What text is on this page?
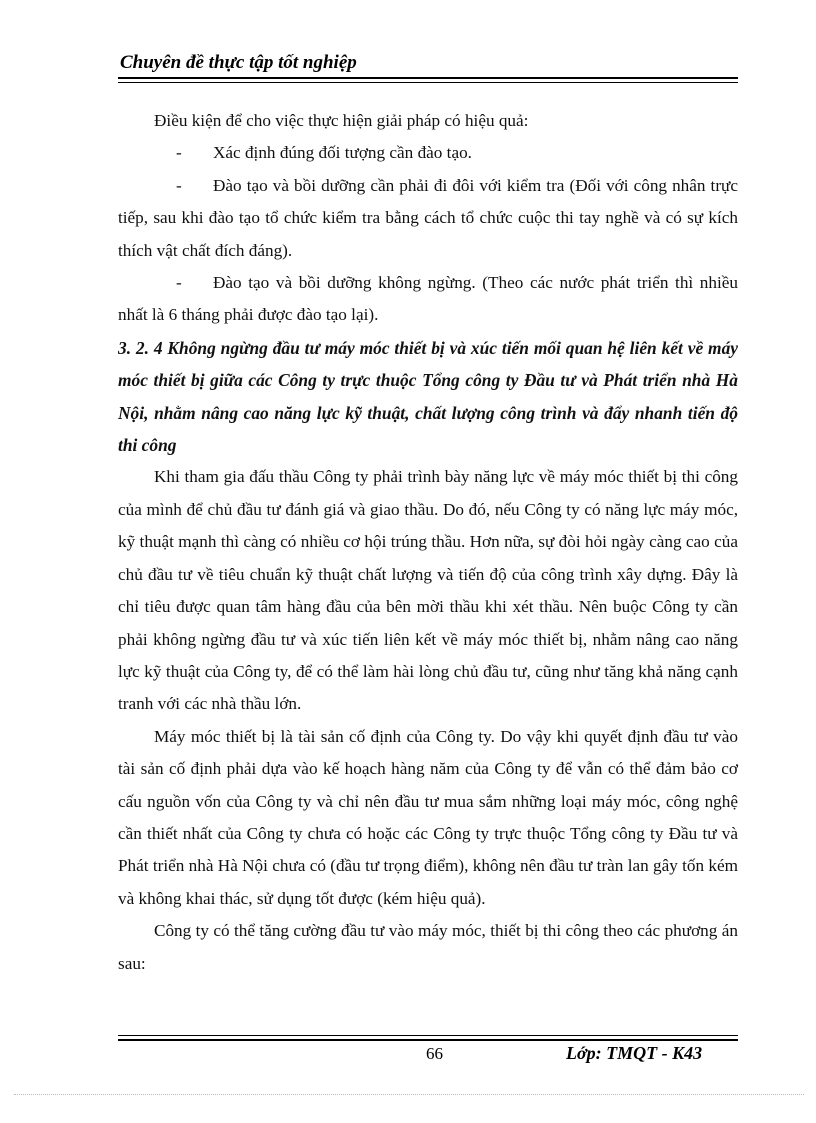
Chuyên đề thực tập tốt nghiệp

Điều kiện để cho việc thực hiện giải pháp có hiệu quả:

-	Xác định đúng đối tượng cần đào tạo.

-	Đào tạo và bồi dưỡng cần phải đi đôi với kiểm tra (Đối với công nhân trực tiếp, sau khi đào tạo tổ chức kiểm tra bằng cách tổ chức cuộc thi tay nghề và có sự kích thích vật chất đích đáng).

-	Đào tạo và bồi dưỡng không ngừng. (Theo các nước phát triển thì nhiều nhất là 6 tháng phải được đào tạo lại).

3. 2. 4 Không ngừng đầu tư máy móc thiết bị và xúc tiến mối quan hệ liên kết về máy móc thiết bị giữa các Công ty trực thuộc Tổng công ty Đầu tư và Phát triển nhà Hà Nội, nhằm nâng cao năng lực kỹ thuật, chất lượng công trình và đẩy nhanh tiến độ thi công

Khi tham gia đấu thầu Công ty phải trình bày năng lực về máy móc thiết bị thi công của mình để chủ đầu tư đánh giá và giao thầu. Do đó, nếu Công ty có năng lực máy móc, kỹ thuật mạnh thì càng có nhiều cơ hội trúng thầu. Hơn nữa, sự đòi hỏi ngày càng cao của chủ đầu tư về tiêu chuẩn kỹ thuật chất lượng và tiến độ của công trình xây dựng. Đây là chỉ tiêu được quan tâm hàng đầu của bên mời thầu khi xét thầu. Nên buộc Công ty cần phải không ngừng đầu tư và xúc tiến liên kết về máy móc thiết bị, nhằm nâng cao năng lực kỹ thuật của Công ty, để có thể làm hài lòng chủ đầu tư, cũng như tăng khả năng cạnh tranh với các nhà thầu lớn.

Máy móc thiết bị là tài sản cố định của Công ty. Do vậy khi quyết định đầu tư vào tài sản cố định phải dựa vào kế hoạch hàng năm của Công ty để vẫn có thể đảm bảo cơ cấu nguồn vốn của Công ty và chỉ nên đầu tư mua sắm những loại máy móc, công nghệ cần thiết nhất của Công ty chưa có hoặc các Công ty trực thuộc Tổng công ty Đầu tư và Phát triển nhà Hà Nội chưa có (đầu tư trọng điểm), không nên đầu tư tràn lan gây tốn kém và không khai thác, sử dụng tốt được (kém hiệu quả).

Công ty có thể tăng cường đầu tư vào máy móc, thiết bị thi công theo các phương án sau:

66	Lớp: TMQT - K43
